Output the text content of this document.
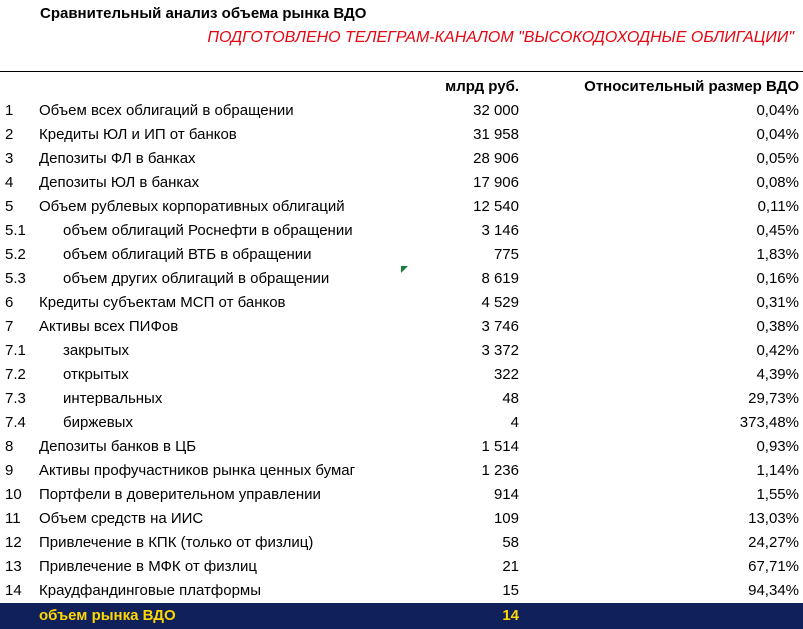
Сравнительный анализ объема рынка ВДО
ПОДГОТОВЛЕНО ТЕЛЕГРАМ-КАНАЛОМ "ВЫСОКОДОХОДНЫЕ ОБЛИГАЦИИ"
млрд руб.	Относительный размер ВДО
1 Объем всех облигаций в обращении	32 000	0,04%
2 Кредиты ЮЛ и ИП от банков	31 958	0,04%
3 Депозиты ФЛ в банках	28 906	0,05%
4 Депозиты ЮЛ в банках	17 906	0,08%
5 Объем рублевых корпоративных облигаций	12 540	0,11%
5.1 объем облигаций Роснефти в обращении	3 146	0,45%
5.2 объем облигаций ВТБ в обращении	775	1,83%
5.3 объем других облигаций в обращении	8 619	0,16%
6 Кредиты субъектам МСП от банков	4 529	0,31%
7 Активы всех ПИФов	3 746	0,38%
7.1 закрытых	3 372	0,42%
7.2 открытых	322	4,39%
7.3 интервальных	48	29,73%
7.4 биржевых	4	373,48%
8 Депозиты банков в ЦБ	1 514	0,93%
9 Активы профучастников рынка ценных бумаг	1 236	1,14%
10 Портфели в доверительном управлении	914	1,55%
11 Объем средств на ИИС	109	13,03%
12 Привлечение в КПК (только от физлиц)	58	24,27%
13 Привлечение в МФК от физлиц	21	67,71%
14 Краудфандинговые платформы	15	94,34%
объем рынка ВДО	14
